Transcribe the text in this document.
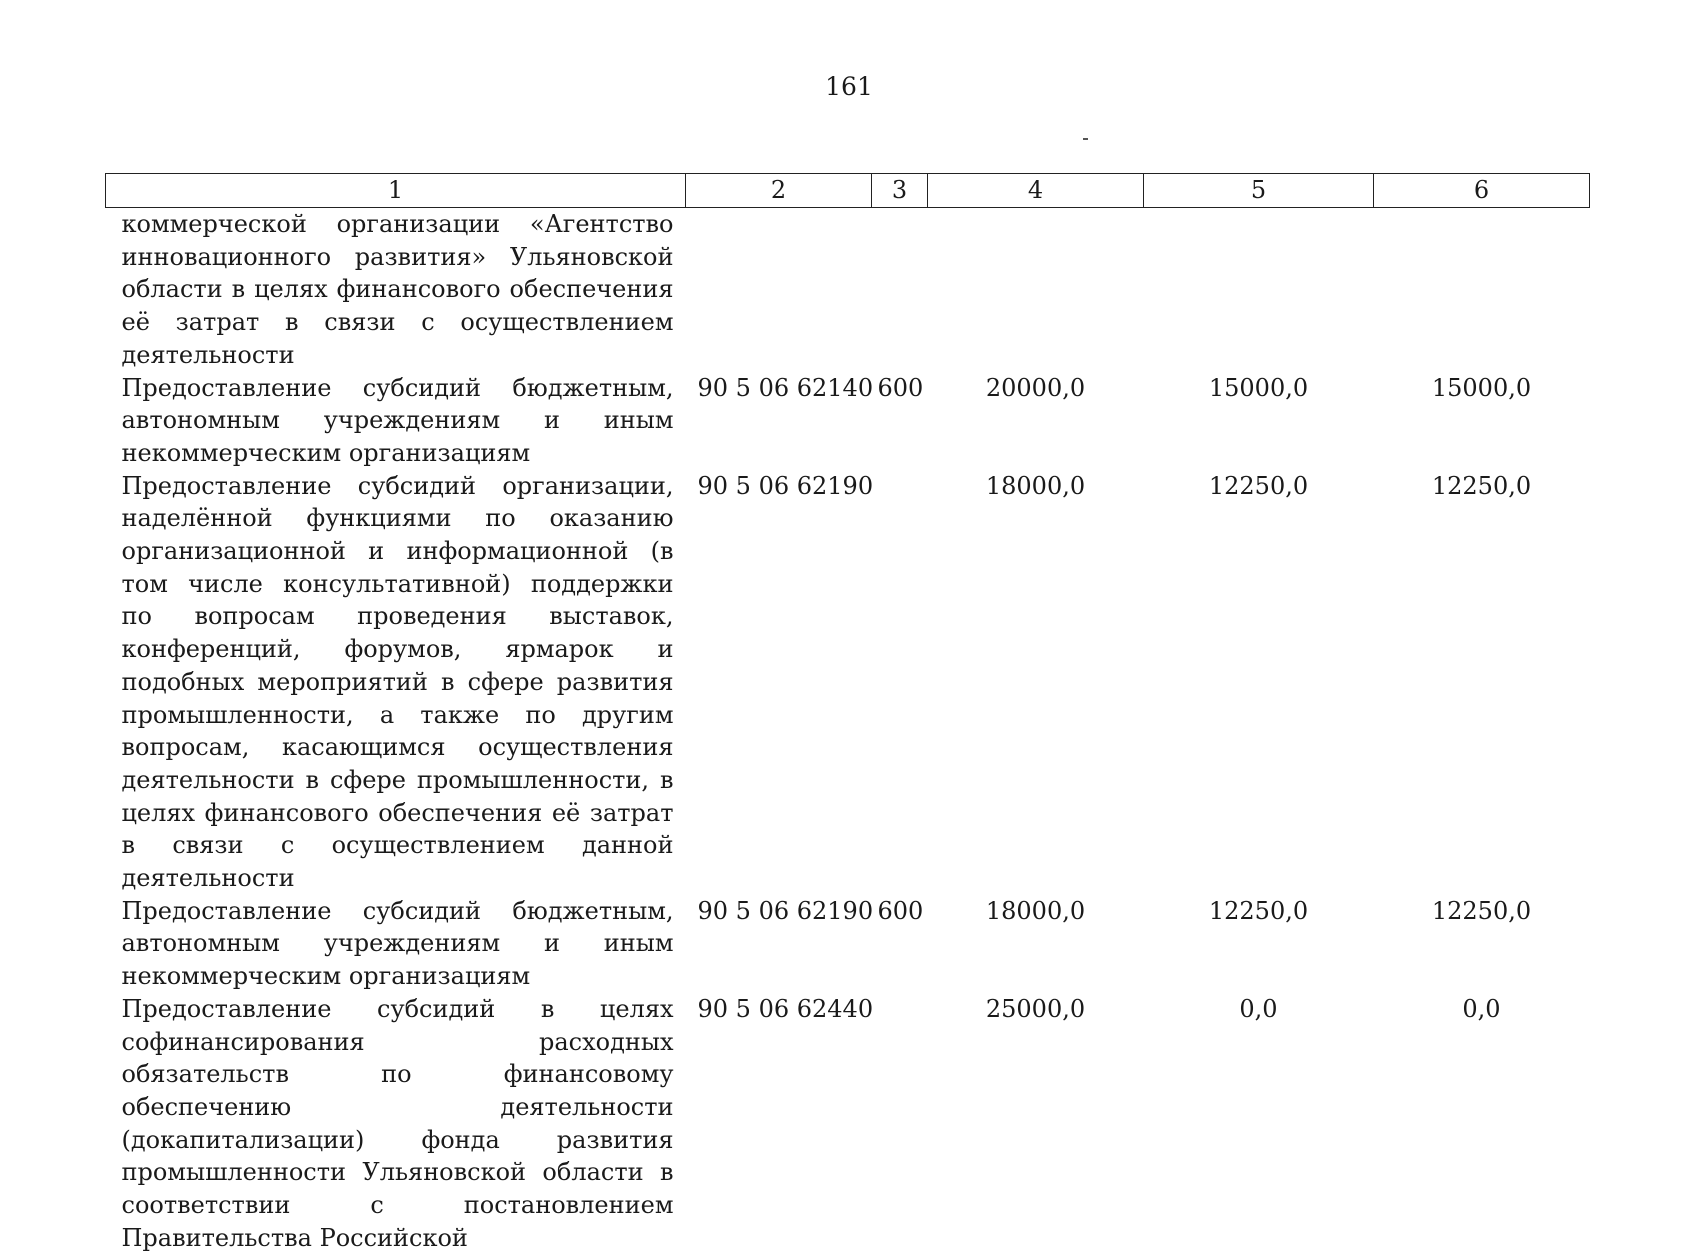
161
1	2	3	4	5	6
коммерческой организации «Агентство инновационного развития» Ульяновской области в целях финансового обеспечения её затрат в связи с осуществлением деятельности					
Предоставление субсидий бюджетным, автономным учреждениям и иным некоммерческим организациям	90 5 06 62140	600	20000,0	15000,0	15000,0
Предоставление субсидий организации, наделённой функциями по оказанию организационной и информационной (в том числе консультативной) поддержки по вопросам проведения выставок, конференций, форумов, ярмарок и подобных мероприятий в сфере развития промышленности, а также по другим вопросам, касающимся осуществления деятельности в сфере промышленности, в целях финансового обеспечения её затрат в связи с осуществлением данной деятельности	90 5 06 62190		18000,0	12250,0	12250,0
Предоставление субсидий бюджетным, автономным учреждениям и иным некоммерческим организациям	90 5 06 62190	600	18000,0	12250,0	12250,0
Предоставление субсидий в целях софинансирования расходных обязательств по финансовому обеспечению деятельности (докапитализации) фонда развития промышленности Ульяновской области в соответствии с постановлением Правительства Российской	90 5 06 62440		25000,0	0,0	0,0
